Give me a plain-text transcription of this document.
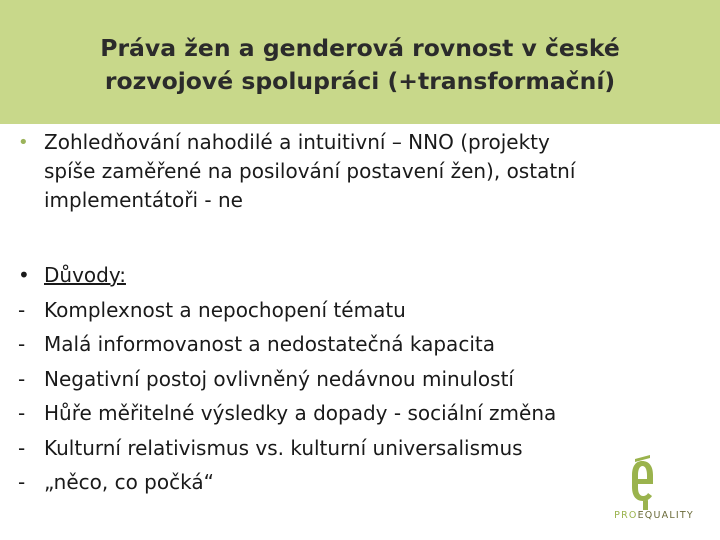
Práva žen a genderová rovnost v české
rozvojové spolupráci (+transformační)
• Zohledňování nahodilé a intuitivní – NNO (projekty
spíše zaměřené na posilování postavení žen), ostatní
implementátoři - ne
• Důvody:
- Komplexnost a nepochopení tématu
- Malá informovanost a nedostatečná kapacita
- Negativní postoj ovlivněný nedávnou minulostí
- Hůře měřitelné výsledky a dopady - sociální změna
- Kulturní relativismus vs. kulturní universalismus
- „něco, co počká“
PROEQUALITY
